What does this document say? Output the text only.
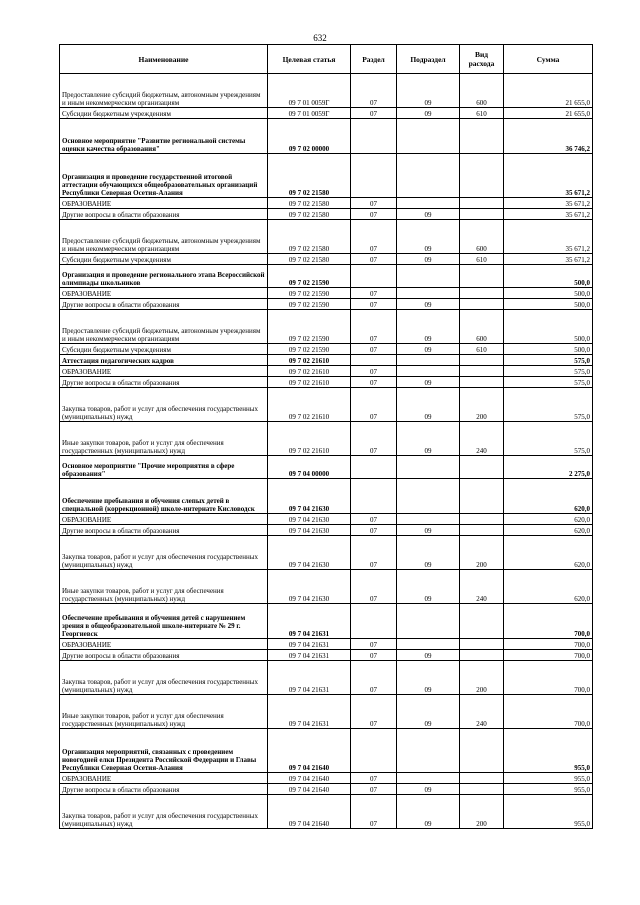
632
Наименование	Целевая статья	Раздел	Подраздел	Вид расхода	Сумма
Предоставление субсидий бюджетным, автономным учреждениям и иным некоммерческим организациям	09 7 01 0059Г	07	09	600	21 655,0
Субсидии бюджетным учреждениям	09 7 01 0059Г	07	09	610	21 655,0
Основное мероприятие "Развитие региональной системы оценки качества образования"	09 7 02 00000				36 746,2
Организация и проведение государственной итоговой аттестации обучающихся общеобразовательных организаций Республики Северная Осетия-Алания	09 7 02 21580				35 671,2
ОБРАЗОВАНИЕ	09 7 02 21580	07			35 671,2
Другие вопросы в области образования	09 7 02 21580	07	09		35 671,2
Предоставление субсидий бюджетным, автономным учреждениям и иным некоммерческим организациям	09 7 02 21580	07	09	600	35 671,2
Субсидии бюджетным учреждениям	09 7 02 21580	07	09	610	35 671,2
Организация и проведение регионального этапа Всероссийской олимпиады школьников	09 7 02 21590				500,0
ОБРАЗОВАНИЕ	09 7 02 21590	07			500,0
Другие вопросы в области образования	09 7 02 21590	07	09		500,0
Предоставление субсидий бюджетным, автономным учреждениям и иным некоммерческим организациям	09 7 02 21590	07	09	600	500,0
Субсидии бюджетным учреждениям	09 7 02 21590	07	09	610	500,0
Аттестация педагогических кадров	09 7 02 21610				575,0
ОБРАЗОВАНИЕ	09 7 02 21610	07			575,0
Другие вопросы в области образования	09 7 02 21610	07	09		575,0
Закупка товаров, работ и услуг для обеспечения государственных (муниципальных) нужд	09 7 02 21610	07	09	200	575,0
Иные закупки товаров, работ и услуг для обеспечения государственных (муниципальных) нужд	09 7 02 21610	07	09	240	575,0
Основное мероприятие "Прочие мероприятия в сфере образования"	09 7 04 00000				2 275,0
Обеспечение пребывания и обучения слепых детей в специальной (коррекционной) школе-интернате Кисловодск	09 7 04 21630				620,0
ОБРАЗОВАНИЕ	09 7 04 21630	07			620,0
Другие вопросы в области образования	09 7 04 21630	07	09		620,0
Закупка товаров, работ и услуг для обеспечения государственных (муниципальных) нужд	09 7 04 21630	07	09	200	620,0
Иные закупки товаров, работ и услуг для обеспечения государственных (муниципальных) нужд	09 7 04 21630	07	09	240	620,0
Обеспечение пребывания и обучения детей с нарушением зрения в общеобразовательной школе-интернате № 29 г. Георгиевск	09 7 04 21631				700,0
ОБРАЗОВАНИЕ	09 7 04 21631	07			700,0
Другие вопросы в области образования	09 7 04 21631	07	09		700,0
Закупка товаров, работ и услуг для обеспечения государственных (муниципальных) нужд	09 7 04 21631	07	09	200	700,0
Иные закупки товаров, работ и услуг для обеспечения государственных (муниципальных) нужд	09 7 04 21631	07	09	240	700,0
Организация мероприятий, связанных с проведением новогодней елки Президента Российской Федерации и Главы Республики Северная Осетия-Алания	09 7 04 21640				955,0
ОБРАЗОВАНИЕ	09 7 04 21640	07			955,0
Другие вопросы в области образования	09 7 04 21640	07	09		955,0
Закупка товаров, работ и услуг для обеспечения государственных (муниципальных) нужд	09 7 04 21640	07	09	200	955,0
